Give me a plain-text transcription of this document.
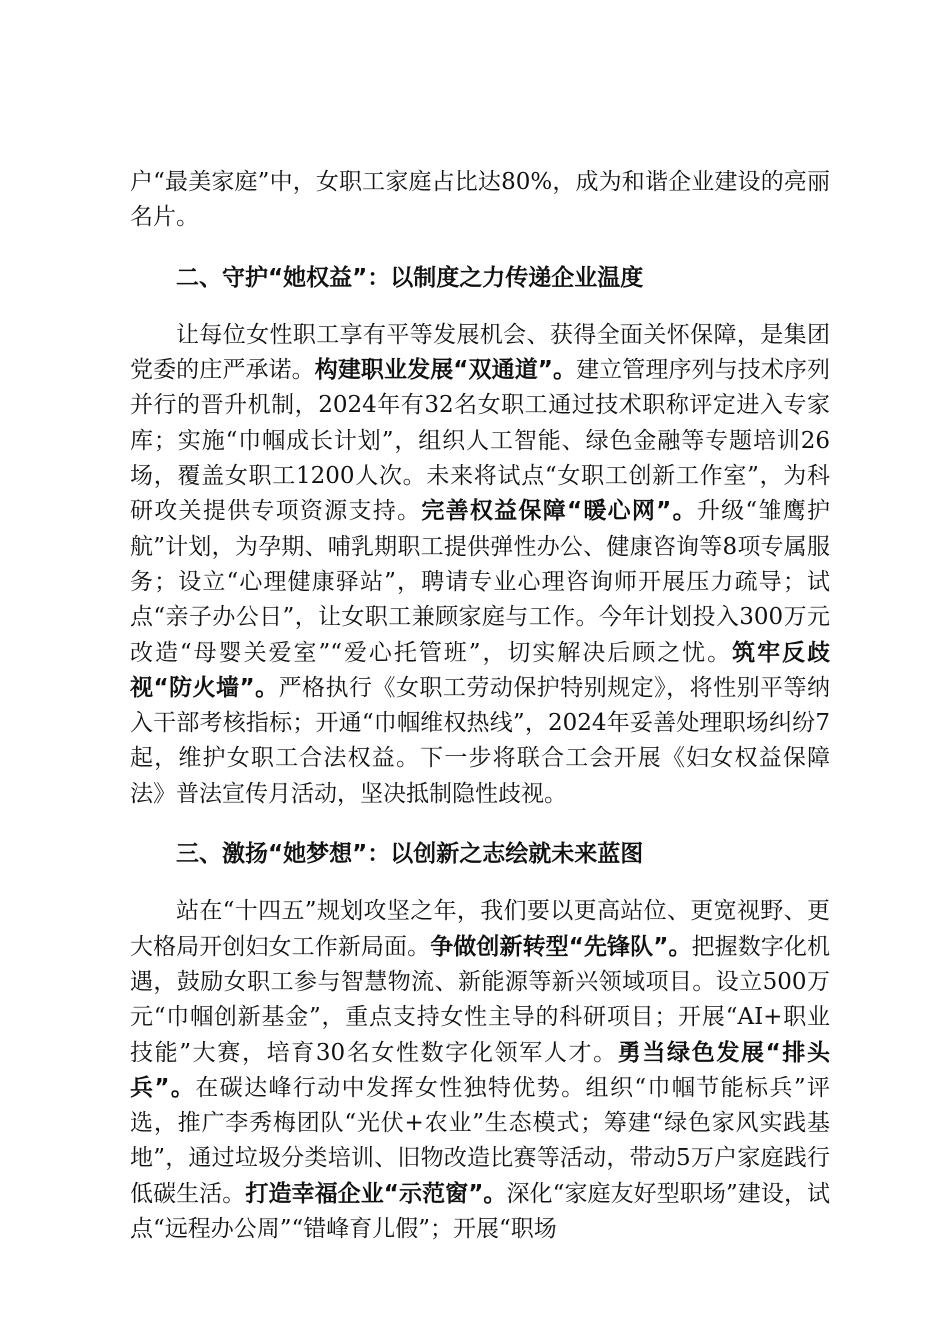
户“最美家庭”中，女职工家庭占比达80%，成为和谐企业建设的亮丽名片。

二、守护“她权益”：以制度之力传递企业温度

让每位女性职工享有平等发展机会、获得全面关怀保障，是集团党委的庄严承诺。构建职业发展“双通道”。建立管理序列与技术序列并行的晋升机制，2024年有32名女职工通过技术职称评定进入专家库；实施“巾帼成长计划”，组织人工智能、绿色金融等专题培训26场，覆盖女职工1200人次。未来将试点“女职工创新工作室”，为科研攻关提供专项资源支持。完善权益保障“暖心网”。升级“雏鹰护航”计划，为孕期、哺乳期职工提供弹性办公、健康咨询等8项专属服务；设立“心理健康驿站”，聘请专业心理咨询师开展压力疏导；试点“亲子办公日”，让女职工兼顾家庭与工作。今年计划投入300万元改造“母婴关爱室”“爱心托管班”，切实解决后顾之忧。筑牢反歧视“防火墙”。严格执行《女职工劳动保护特别规定》，将性别平等纳入干部考核指标；开通“巾帼维权热线”，2024年妥善处理职场纠纷7起，维护女职工合法权益。下一步将联合工会开展《妇女权益保障法》普法宣传月活动，坚决抵制隐性歧视。

三、激扬“她梦想”：以创新之志绘就未来蓝图

站在“十四五”规划攻坚之年，我们要以更高站位、更宽视野、更大格局开创妇女工作新局面。争做创新转型“先锋队”。把握数字化机遇，鼓励女职工参与智慧物流、新能源等新兴领域项目。设立500万元“巾帼创新基金”，重点支持女性主导的科研项目；开展“AI+职业技能”大赛，培育30名女性数字化领军人才。勇当绿色发展“排头兵”。在碳达峰行动中发挥女性独特优势。组织“巾帼节能标兵”评选，推广李秀梅团队“光伏+农业”生态模式；筹建“绿色家风实践基地”，通过垃圾分类培训、旧物改造比赛等活动，带动5万户家庭践行低碳生活。打造幸福企业“示范窗”。深化“家庭友好型职场”建设，试点“远程办公周”“错峰育儿假”；开展“职场
